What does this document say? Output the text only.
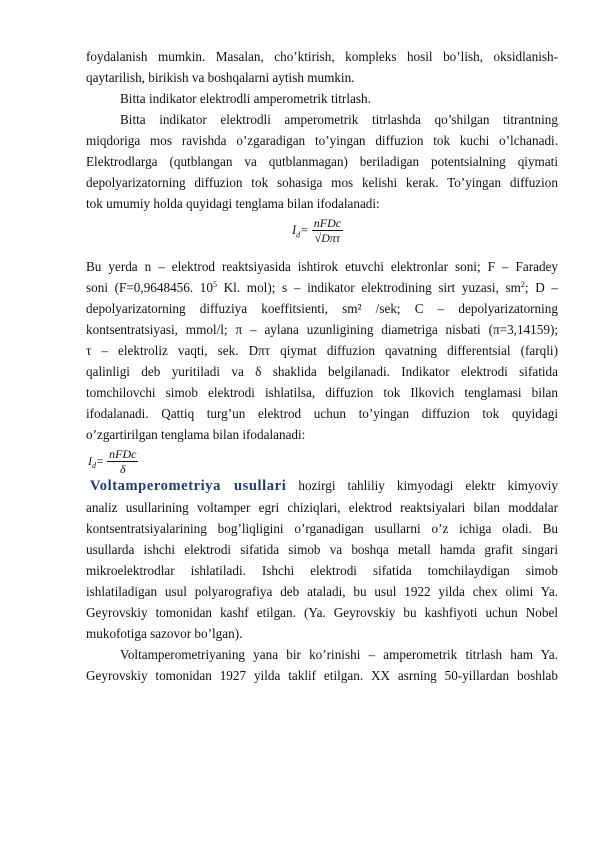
foydalanish mumkin. Masalan, cho’ktirish, kompleks hosil bo’lish, oksidlanish-
qaytarilish, birikish va boshqalarni aytish mumkin.
Bitta indikator elektrodli amperometrik titrlash.
Bitta indikator elektrodli amperometrik titrlashda qo’shilgan titrantning
miqdoriga mos ravishda o’zgaradigan to’yingan diffuzion tok kuchi o’lchanadi.
Elektrodlarga (qutblangan va qutblanmagan) beriladigan potentsialning qiymati
depolyarizatorning diffuzion tok sohasiga mos kelishi kerak. To’yingan diffuzion
tok umumiy holda quyidagi tenglama bilan ifodalanadi:
$I_d= \frac{\text{nFDc}}{\text{√Dπτ}}$
Bu yerda n – elektrod reaktsiyasida ishtirok etuvchi elektronlar soni; F – Faradey
soni (F=0,9648456. $10^5$ Kl. mol); s – indikator elektrodining sirt yuzasi, $sm^2$; D –
depolyarizatorning diffuziya koeffitsienti, sm² /sek; C – depolyarizatorning
kontsentratsiyasi, mmol/l; π – aylana uzunligining diametriga nisbati (π=3,14159);
τ – elektroliz vaqti, sek. Dπτ qiymat diffuzion qavatning differentsial (farqli)
qalinligi deb yuritiladi va δ shaklida belgilanadi. Indikator elektrodi sifatida
tomchilovchi simob elektrodi ishlatilsa, diffuzion tok Ilkovich tenglamasi bilan
ifodalanadi. Qattiq turg’un elektrod uchun to’yingan diffuzion tok quyidagi
o’zgartirilgan tenglama bilan ifodalanadi:
$I_d= \frac{\text{nFDc}}{\delta}$
Voltamperometriya usullari hozirgi tahliliy kimyodagi elektr kimyoviy
analiz usullarining voltamper egri chiziqlari, elektrod reaktsiyalari bilan moddalar
kontsentratsiyalarining bog’liqligini o’rganadigan usullarni o’z ichiga oladi. Bu
usullarda ishchi elektrodi sifatida simob va boshqa metall hamda grafit singari
mikroelektrodlar ishlatiladi. Ishchi elektrodi sifatida tomchilaydigan simob
ishlatiladigan usul polyarografiya deb ataladi, bu usul 1922 yilda chex olimi Ya.
Geyrovskiy tomonidan kashf etilgan. (Ya. Geyrovskiy bu kashfiyoti uchun Nobel
mukofotiga sazovor bo’lgan).
Voltamperometriyaning yana bir ko’rinishi – amperometrik titrlash ham Ya.
Geyrovskiy tomonidan 1927 yilda taklif etilgan. XX asrning 50-yillardan boshlab
